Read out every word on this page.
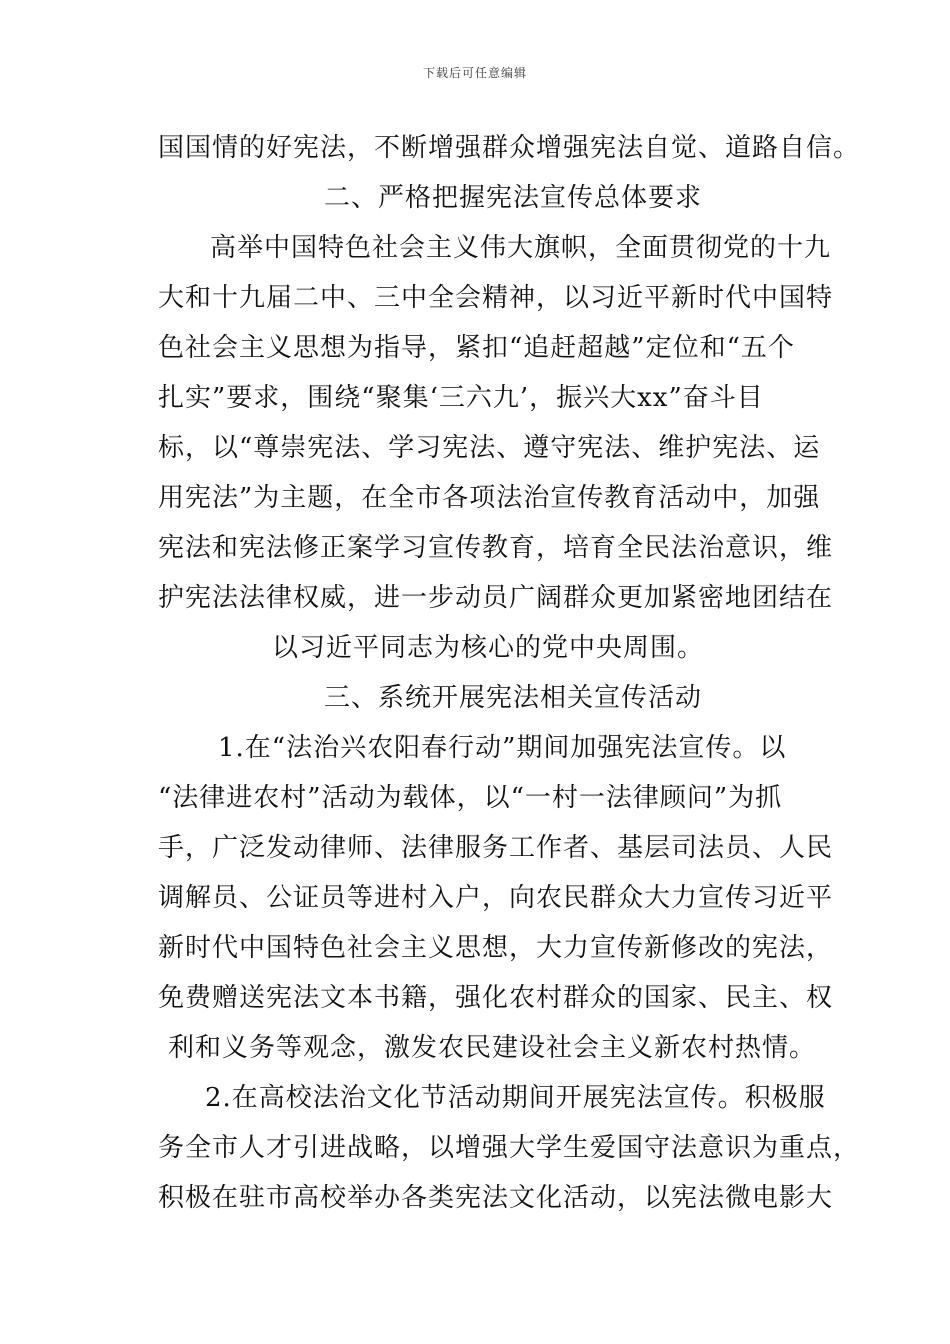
下载后可任意编辑
国国情的好宪法，不断增强群众增强宪法自觉、道路自信。
二、严格把握宪法宣传总体要求
高举中国特色社会主义伟大旗帜，全面贯彻党的十九
大和十九届二中、三中全会精神，以习近平新时代中国特
色社会主义思想为指导，紧扣“追赶超越”定位和“五个
扎实”要求，围绕“聚集‘三六九’，振兴大xx”奋斗目
标，以“尊崇宪法、学习宪法、遵守宪法、维护宪法、运
用宪法”为主题，在全市各项法治宣传教育活动中，加强
宪法和宪法修正案学习宣传教育，培育全民法治意识，维
护宪法法律权威，进一步动员广阔群众更加紧密地团结在
以习近平同志为核心的党中央周围。
三、系统开展宪法相关宣传活动
1.在“法治兴农阳春行动”期间加强宪法宣传。以
“法律进农村”活动为载体，以“一村一法律顾问”为抓
手，广泛发动律师、法律服务工作者、基层司法员、人民
调解员、公证员等进村入户，向农民群众大力宣传习近平
新时代中国特色社会主义思想，大力宣传新修改的宪法，
免费赠送宪法文本书籍，强化农村群众的国家、民主、权
利和义务等观念，激发农民建设社会主义新农村热情。
2.在高校法治文化节活动期间开展宪法宣传。积极服
务全市人才引进战略，以增强大学生爱国守法意识为重点，
积极在驻市高校举办各类宪法文化活动，以宪法微电影大
